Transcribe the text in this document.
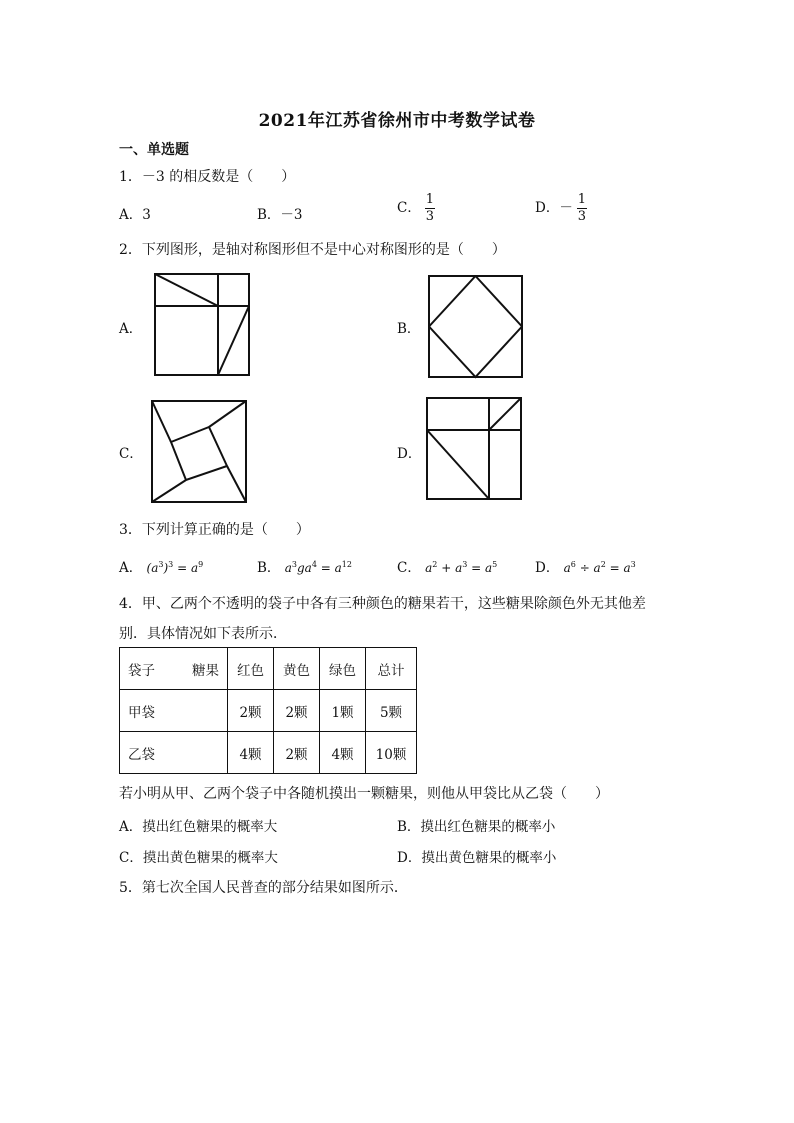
2021年江苏省徐州市中考数学试卷
一、单选题
1．－3 的相反数是（　　）
A．3	B．－3	C． $\frac{1}{3}$	D．－ $\frac{1}{3}$
2．下列图形，是轴对称图形但不是中心对称图形的是（　　）
A．	B．
C．	D．
3．下列计算正确的是（　　）
A． $(a^3)^3 = a^9$	B． $a^3ga^4 = a^{12}$	C． $a^2 + a^3 = a^5$	D． $a^6 \div a^2 = a^3$
4．甲、乙两个不透明的袋子中各有三种颜色的糖果若干，这些糖果除颜色外无其他差
别．具体情况如下表所示．
袋子 糖果	红色	黄色	绿色	总计
甲袋	2颗	2颗	1颗	5颗
乙袋	4颗	2颗	4颗	10颗
若小明从甲、乙两个袋子中各随机摸出一颗糖果，则他从甲袋比从乙袋（　　）
A．摸出红色糖果的概率大	B．摸出红色糖果的概率小
C．摸出黄色糖果的概率大	D．摸出黄色糖果的概率小
5．第七次全国人民普查的部分结果如图所示．
